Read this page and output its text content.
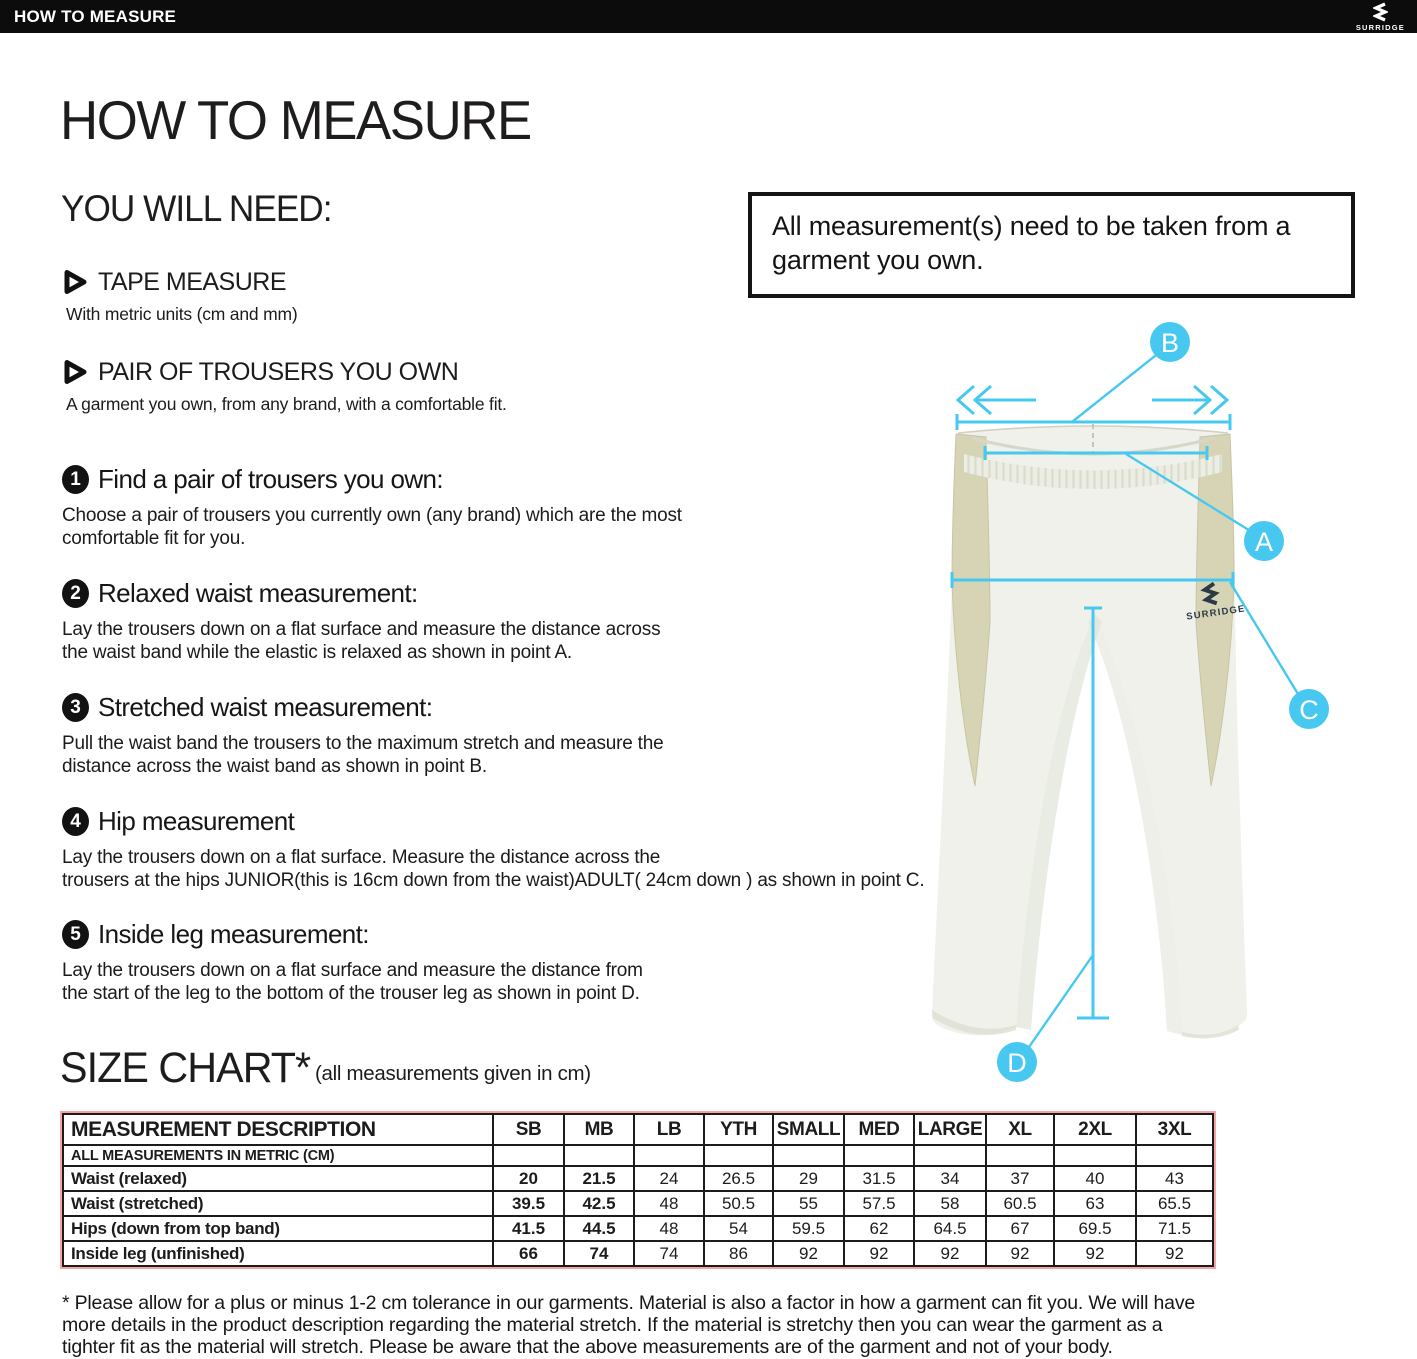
HOW TO MEASURE
SURRIDGE
HOW TO MEASURE
YOU WILL NEED:
TAPE MEASURE
With metric units (cm and mm)
PAIR OF TROUSERS YOU OWN
A garment you own, from any brand, with a comfortable fit.
All measurement(s) need to be taken from a garment you own.
1 Find a pair of trousers you own:
Choose a pair of trousers you currently own (any brand) which are the most
comfortable fit for you.
2 Relaxed waist measurement:
Lay the trousers down on a flat surface and measure the distance across
the waist band while the elastic is relaxed as shown in point A.
3 Stretched waist measurement:
Pull the waist band the trousers to the maximum stretch and measure the
distance across the waist band as shown in point B.
4 Hip measurement
Lay the trousers down on a flat surface. Measure the distance across the
trousers at the hips JUNIOR(this is 16cm down from the waist)ADULT( 24cm down ) as shown in point C.
5 Inside leg measurement:
Lay the trousers down on a flat surface and measure the distance from
the start of the leg to the bottom of the trouser leg as shown in point D.
SIZE CHART* (all measurements given in cm)
MEASUREMENT DESCRIPTION	SB	MB	LB	YTH	SMALL	MED	LARGE	XL	2XL	3XL
ALL MEASUREMENTS IN METRIC (CM)										
Waist (relaxed)	20	21.5	24	26.5	29	31.5	34	37	40	43
Waist (stretched)	39.5	42.5	48	50.5	55	57.5	58	60.5	63	65.5
Hips (down from top band)	41.5	44.5	48	54	59.5	62	64.5	67	69.5	71.5
Inside leg (unfinished)	66	74	74	86	92	92	92	92	92	92
* Please allow for a plus or minus 1-2 cm tolerance in our garments. Material is also a factor in how a garment can fit you. We will have
more details in the product description regarding the material stretch. If the material is stretchy then you can wear the garment as a
tighter fit as the material will stretch. Please be aware that the above measurements are of the garment and not of your body.
SURRIDGE
B
A
C
D
